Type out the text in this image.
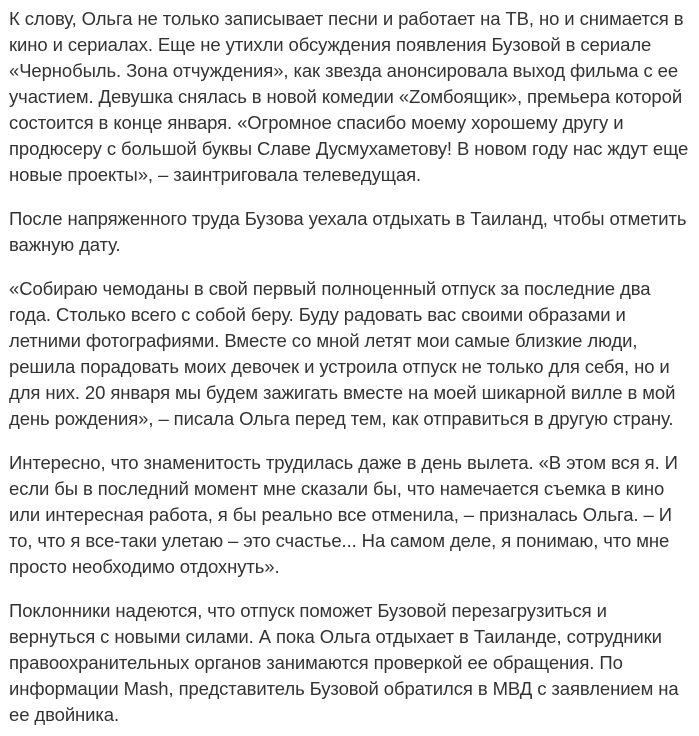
К слову, Ольга не только записывает песни и работает на ТВ, но и снимается в кино и сериалах. Еще не утихли обсуждения появления Бузовой в сериале «Чернобыль. Зона отчуждения», как звезда анонсировала выход фильма с ее участием. Девушка снялась в новой комедии «Zомбоящик», премьера которой состоится в конце января. «Огромное спасибо моему хорошему другу и продюсеру с большой буквы Славе Дусмухаметову! В новом году нас ждут еще новые проекты», – заинтриговала телеведущая.

После напряженного труда Бузова уехала отдыхать в Таиланд, чтобы отметить важную дату.

«Собираю чемоданы в свой первый полноценный отпуск за последние два года. Столько всего с собой беру. Буду радовать вас своими образами и летними фотографиями. Вместе со мной летят мои самые близкие люди, решила порадовать моих девочек и устроила отпуск не только для себя, но и для них. 20 января мы будем зажигать вместе на моей шикарной вилле в мой день рождения», – писала Ольга перед тем, как отправиться в другую страну.

Интересно, что знаменитость трудилась даже в день вылета. «В этом вся я. И если бы в последний момент мне сказали бы, что намечается съемка в кино или интересная работа, я бы реально все отменила, – призналась Ольга. – И то, что я все-таки улетаю – это счастье... На самом деле, я понимаю, что мне просто необходимо отдохнуть».

Поклонники надеются, что отпуск поможет Бузовой перезагрузиться и вернуться с новыми силами. А пока Ольга отдыхает в Таиланде, сотрудники правоохранительных органов занимаются проверкой ее обращения. По информации Mash, представитель Бузовой обратился в МВД с заявлением на ее двойника.
